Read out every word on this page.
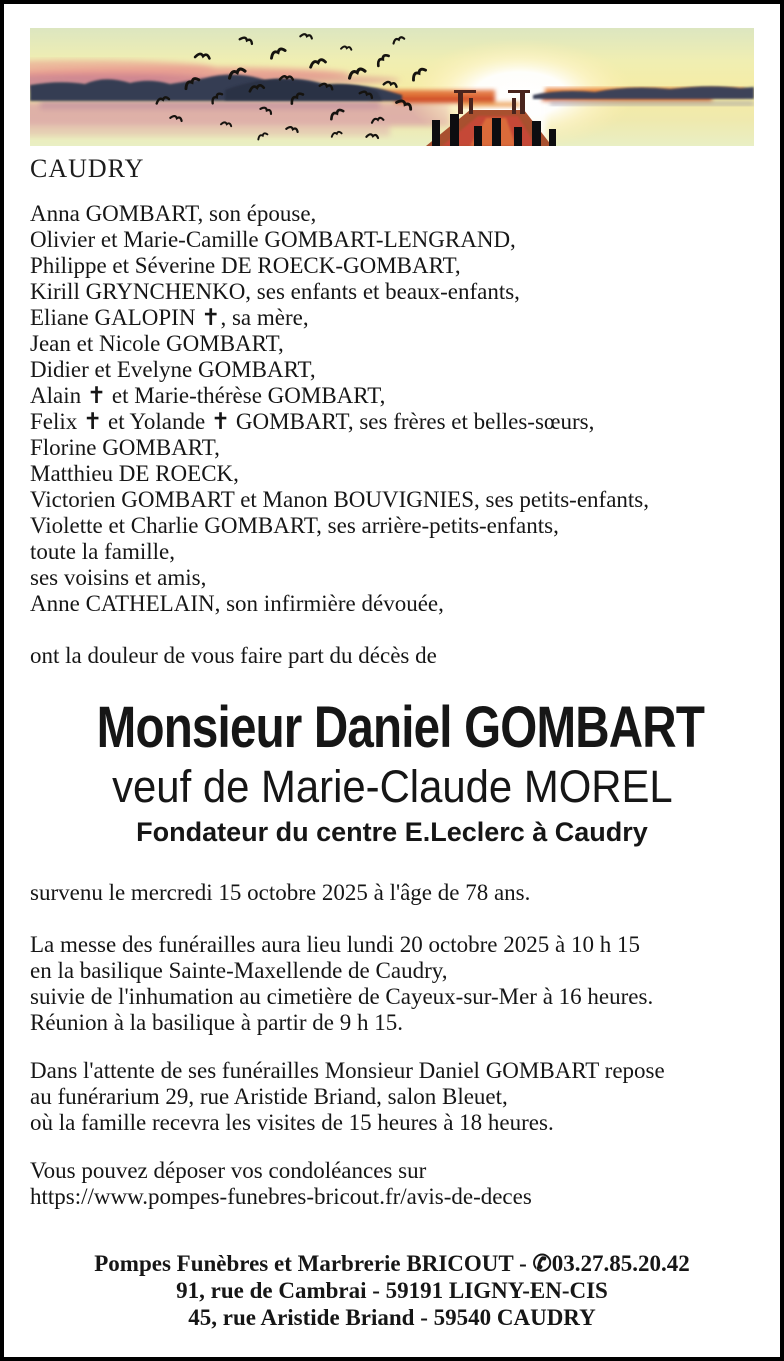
CAUDRY
Anna GOMBART, son épouse,
Olivier et Marie-Camille GOMBART-LENGRAND,
Philippe et Séverine DE ROECK-GOMBART,
Kirill GRYNCHENKO, ses enfants et beaux-enfants,
Eliane GALOPIN ✝, sa mère,
Jean et Nicole GOMBART,
Didier et Evelyne GOMBART,
Alain ✝ et Marie-thérèse GOMBART,
Felix ✝ et Yolande ✝ GOMBART, ses frères et belles-sœurs,
Florine GOMBART,
Matthieu DE ROECK,
Victorien GOMBART et Manon BOUVIGNIES, ses petits-enfants,
Violette et Charlie GOMBART, ses arrière-petits-enfants,
toute la famille,
ses voisins et amis,
Anne CATHELAIN, son infirmière dévouée,
ont la douleur de vous faire part du décès de
Monsieur Daniel GOMBART
veuf de Marie-Claude MOREL
Fondateur du centre E.Leclerc à Caudry
survenu le mercredi 15 octobre 2025 à l'âge de 78 ans.
La messe des funérailles aura lieu lundi 20 octobre 2025 à 10 h 15
en la basilique Sainte-Maxellende de Caudry,
suivie de l'inhumation au cimetière de Cayeux-sur-Mer à 16 heures.
Réunion à la basilique à partir de 9 h 15.
Dans l'attente de ses funérailles Monsieur Daniel GOMBART repose
au funérarium 29, rue Aristide Briand, salon Bleuet,
où la famille recevra les visites de 15 heures à 18 heures.
Vous pouvez déposer vos condoléances sur
https://www.pompes-funebres-bricout.fr/avis-de-deces
Pompes Funèbres et Marbrerie BRICOUT - ✆03.27.85.20.42
91, rue de Cambrai - 59191 LIGNY-EN-CIS
45, rue Aristide Briand - 59540 CAUDRY
